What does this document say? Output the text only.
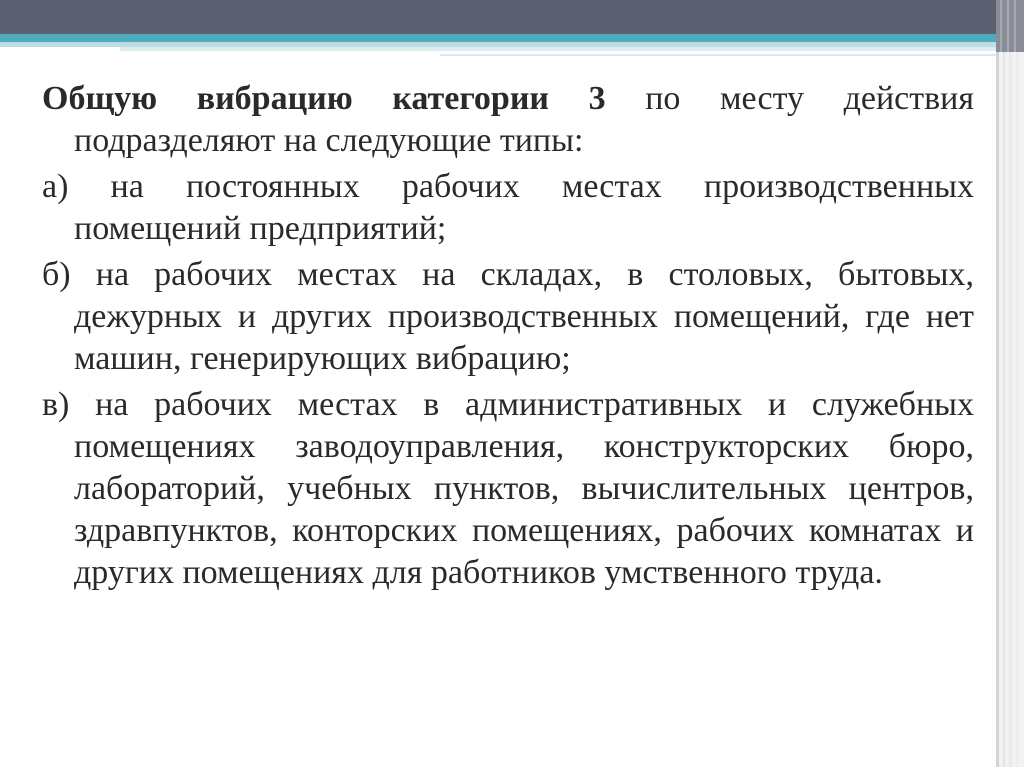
Общую вибрацию категории 3 по месту действия подразделяют на следующие типы:

а) на постоянных рабочих местах производственных помещений предприятий;

б) на рабочих местах на складах, в столовых, бытовых, дежурных и других производственных помещений, где нет машин, генерирующих вибрацию;

в) на рабочих местах в административных и служебных помещениях заводоуправления, конструкторских бюро, лабораторий, учебных пунктов, вычислительных центров, здравпунктов, конторских помещениях, рабочих комнатах и других помещениях для работников умственного труда.
